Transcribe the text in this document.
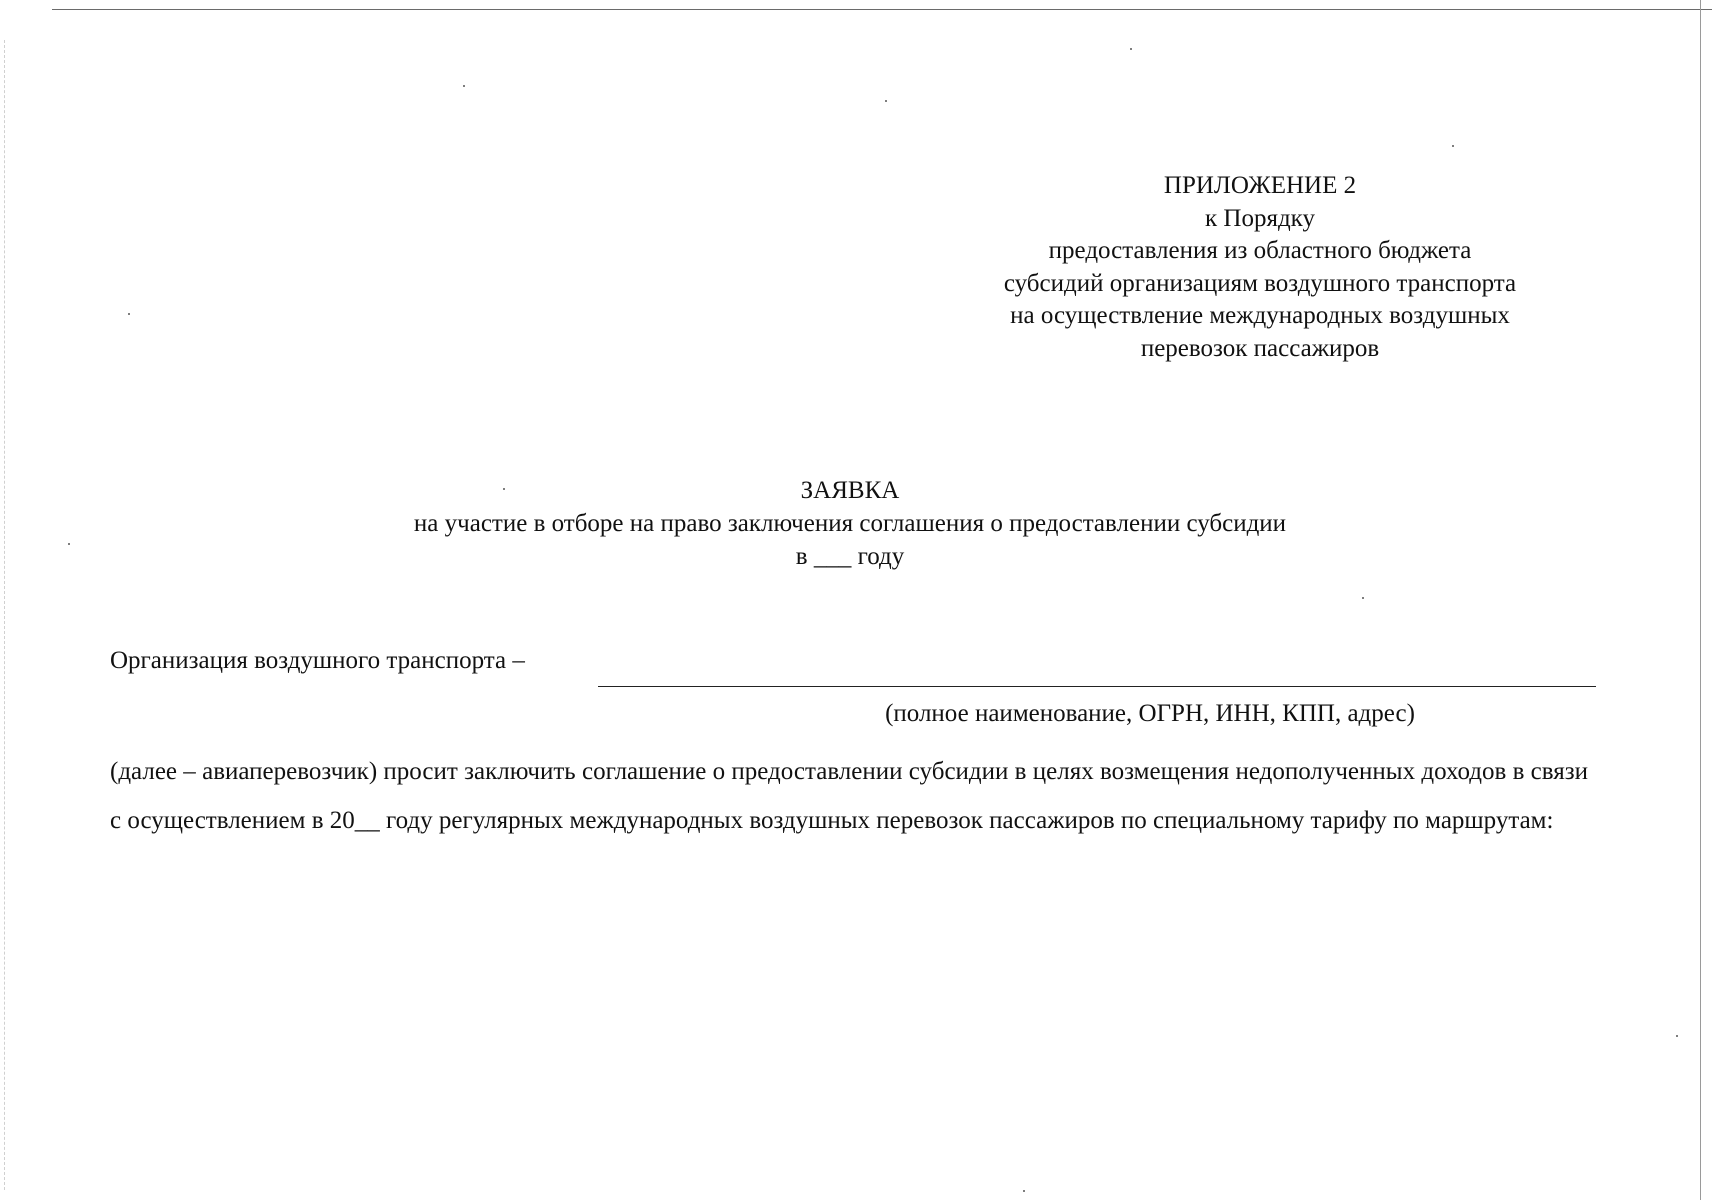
ПРИЛОЖЕНИЕ 2
к Порядку
предоставления из областного бюджета
субсидий организациям воздушного транспорта
на осуществление международных воздушных
перевозок пассажиров
ЗАЯВКА
на участие в отборе на право заключения соглашения о предоставлении субсидии
в ___ году
Организация воздушного транспорта –
(полное наименование, ОГРН, ИНН, КПП, адрес)
(далее – авиаперевозчик) просит заключить соглашение о предоставлении субсидии в целях возмещения недополученных доходов в связи с осуществлением в 20__ году регулярных международных воздушных перевозок пассажиров по специальному тарифу по маршрутам:
